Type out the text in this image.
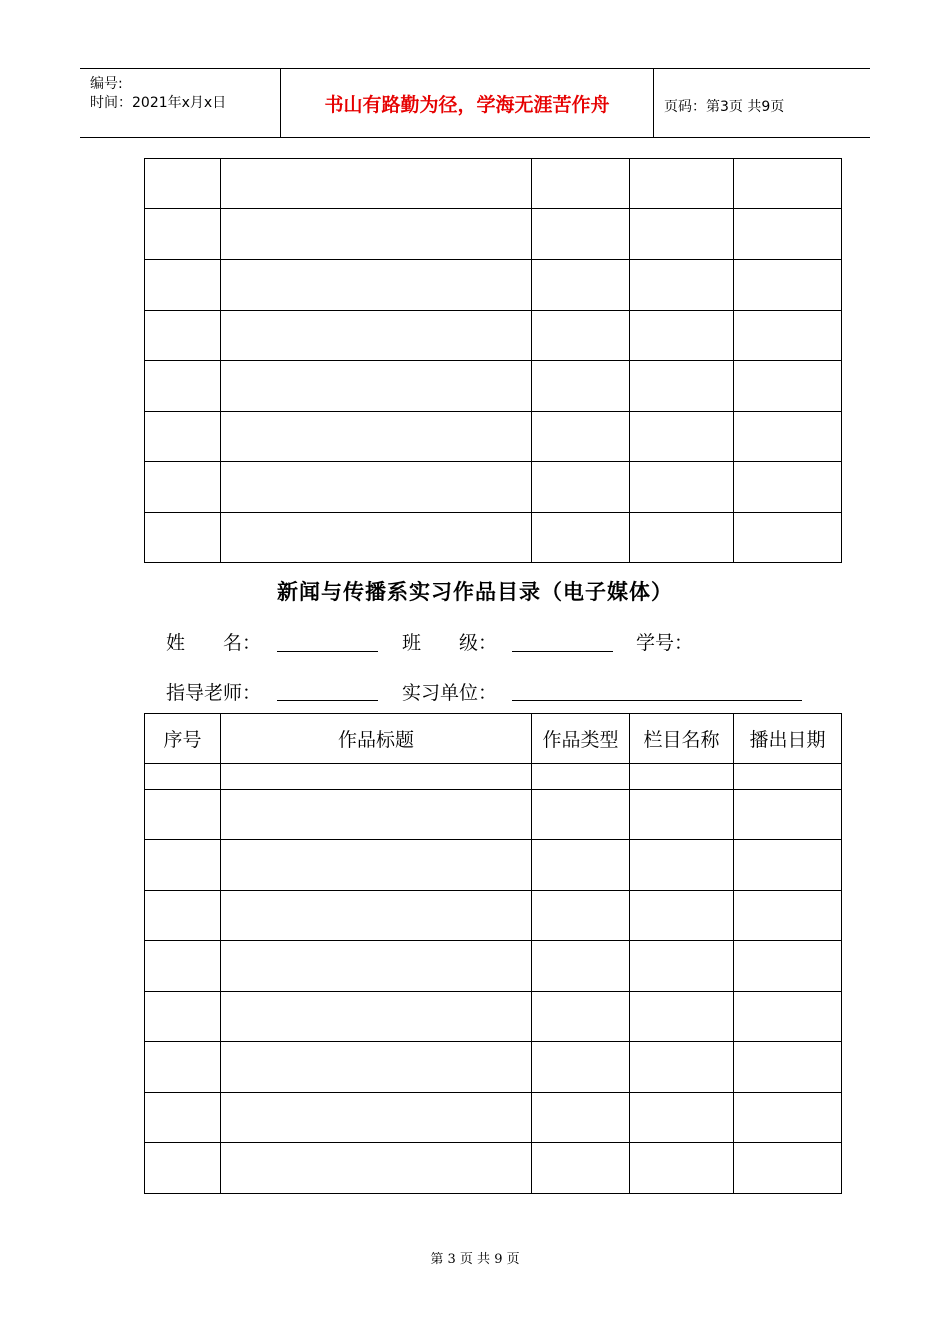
编号:
时间：2021年x月x日	书山有路勤为径，学海无涯苦作舟	页码：第3页 共9页

新闻与传播系实习作品目录（电子媒体）
姓　　名：	班　　级：	学号：
指导老师：	实习单位：
序号	作品标题	作品类型	栏目名称	播出日期

第 3 页 共 9 页
